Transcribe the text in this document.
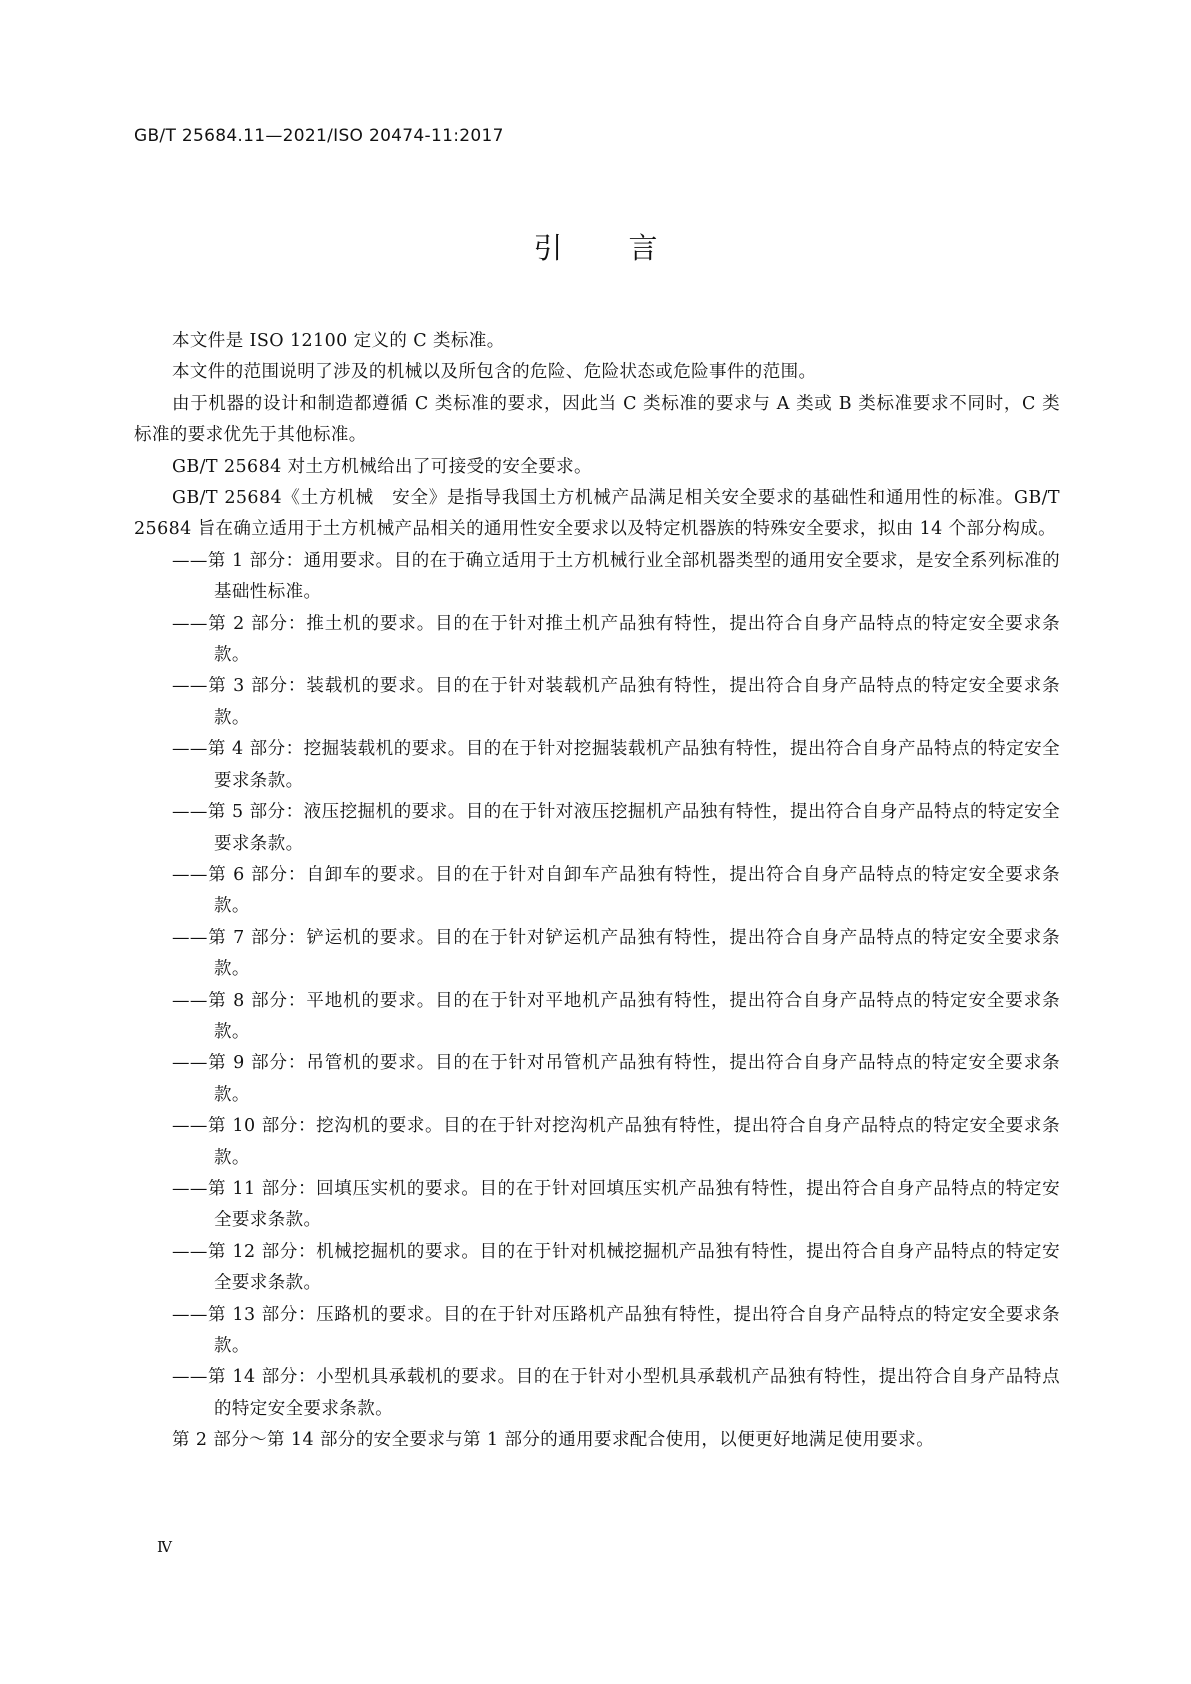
GB/T 25684.11—2021/ISO 20474-11:2017
引言

本文件是 ISO 12100 定义的 C 类标准。

本文件的范围说明了涉及的机械以及所包含的危险、危险状态或危险事件的范围。

由于机器的设计和制造都遵循 C 类标准的要求，因此当 C 类标准的要求与 A 类或 B 类标准要求不同时，C 类标准的要求优先于其他标准。

GB/T 25684 对土方机械给出了可接受的安全要求。

GB/T 25684《土方机械　安全》是指导我国土方机械产品满足相关安全要求的基础性和通用性的标准。GB/T 25684 旨在确立适用于土方机械产品相关的通用性安全要求以及特定机器族的特殊安全要求，拟由 14 个部分构成。

——第 1 部分：通用要求。目的在于确立适用于土方机械行业全部机器类型的通用安全要求，是安全系列标准的基础性标准。
——第 2 部分：推土机的要求。目的在于针对推土机产品独有特性，提出符合自身产品特点的特定安全要求条款。
——第 3 部分：装载机的要求。目的在于针对装载机产品独有特性，提出符合自身产品特点的特定安全要求条款。
——第 4 部分：挖掘装载机的要求。目的在于针对挖掘装载机产品独有特性，提出符合自身产品特点的特定安全要求条款。
——第 5 部分：液压挖掘机的要求。目的在于针对液压挖掘机产品独有特性，提出符合自身产品特点的特定安全要求条款。
——第 6 部分：自卸车的要求。目的在于针对自卸车产品独有特性，提出符合自身产品特点的特定安全要求条款。
——第 7 部分：铲运机的要求。目的在于针对铲运机产品独有特性，提出符合自身产品特点的特定安全要求条款。
——第 8 部分：平地机的要求。目的在于针对平地机产品独有特性，提出符合自身产品特点的特定安全要求条款。
——第 9 部分：吊管机的要求。目的在于针对吊管机产品独有特性，提出符合自身产品特点的特定安全要求条款。
——第 10 部分：挖沟机的要求。目的在于针对挖沟机产品独有特性，提出符合自身产品特点的特定安全要求条款。
——第 11 部分：回填压实机的要求。目的在于针对回填压实机产品独有特性，提出符合自身产品特点的特定安全要求条款。
——第 12 部分：机械挖掘机的要求。目的在于针对机械挖掘机产品独有特性，提出符合自身产品特点的特定安全要求条款。
——第 13 部分：压路机的要求。目的在于针对压路机产品独有特性，提出符合自身产品特点的特定安全要求条款。
——第 14 部分：小型机具承载机的要求。目的在于针对小型机具承载机产品独有特性，提出符合自身产品特点的特定安全要求条款。

第 2 部分～第 14 部分的安全要求与第 1 部分的通用要求配合使用，以便更好地满足使用要求。

Ⅳ
